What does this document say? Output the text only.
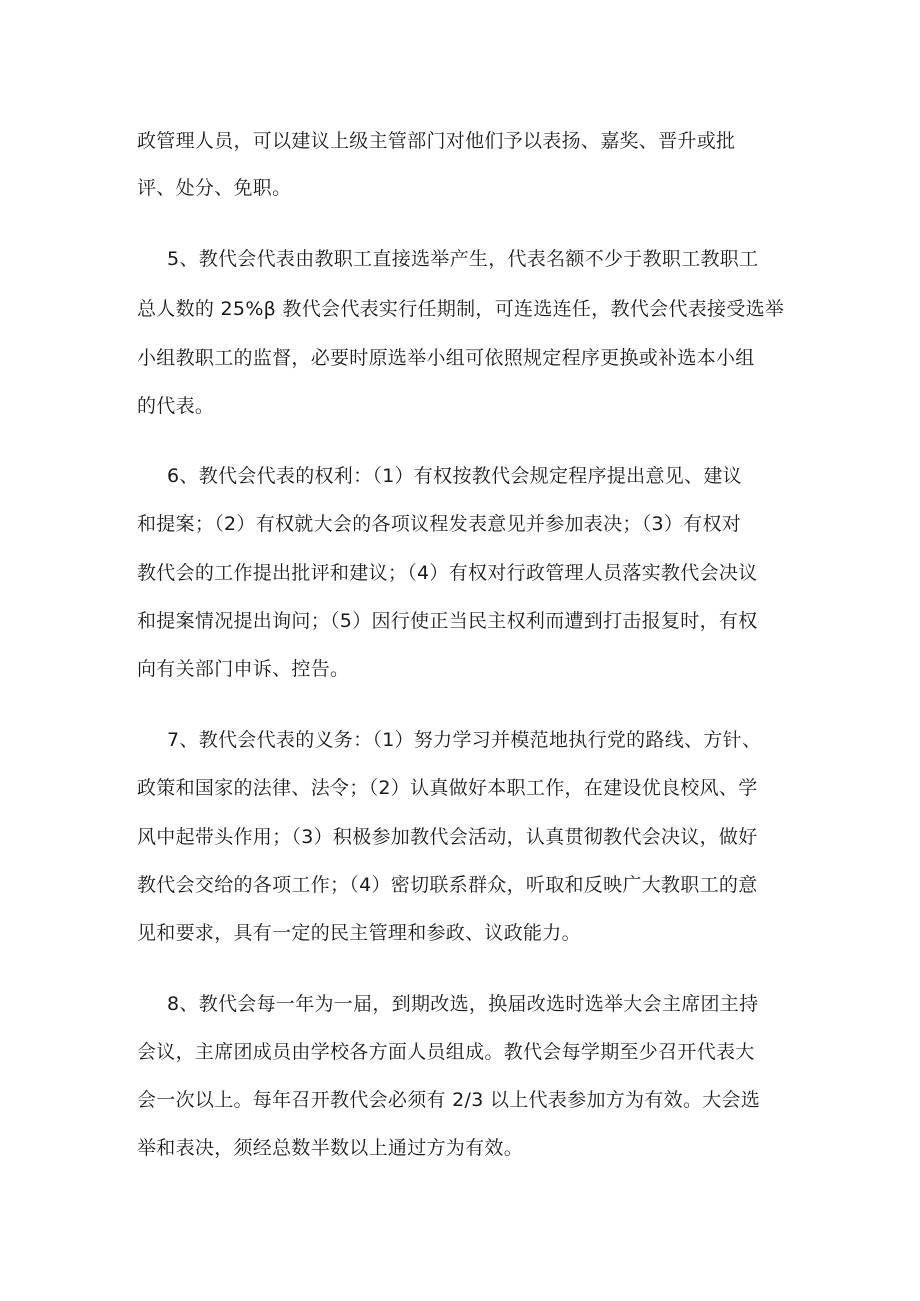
政管理人员，可以建议上级主管部门对他们予以表扬、嘉奖、晋升或批

评、处分、免职。

5、教代会代表由教职工直接选举产生，代表名额不少于教职工教职工

总人数的 25%β 教代会代表实行任期制，可连选连任，教代会代表接受选举

小组教职工的监督，必要时原选举小组可依照规定程序更换或补选本小组

的代表。

6、教代会代表的权利：（1）有权按教代会规定程序提出意见、建议

和提案；（2）有权就大会的各项议程发表意见并参加表决；（3）有权对

教代会的工作提出批评和建议；（4）有权对行政管理人员落实教代会决议

和提案情况提出询问；（5）因行使正当民主权利而遭到打击报复时，有权

向有关部门申诉、控告。

7、教代会代表的义务：（1）努力学习并模范地执行党的路线、方针、

政策和国家的法律、法令；（2）认真做好本职工作，在建设优良校风、学

风中起带头作用；（3）积极参加教代会活动，认真贯彻教代会决议，做好

教代会交给的各项工作；（4）密切联系群众，听取和反映广大教职工的意

见和要求，具有一定的民主管理和参政、议政能力。

8、教代会每一年为一届，到期改选，换届改选时选举大会主席团主持

会议，主席团成员由学校各方面人员组成。教代会每学期至少召开代表大

会一次以上。每年召开教代会必须有 2/3 以上代表参加方为有效。大会选

举和表决，须经总数半数以上通过方为有效。
